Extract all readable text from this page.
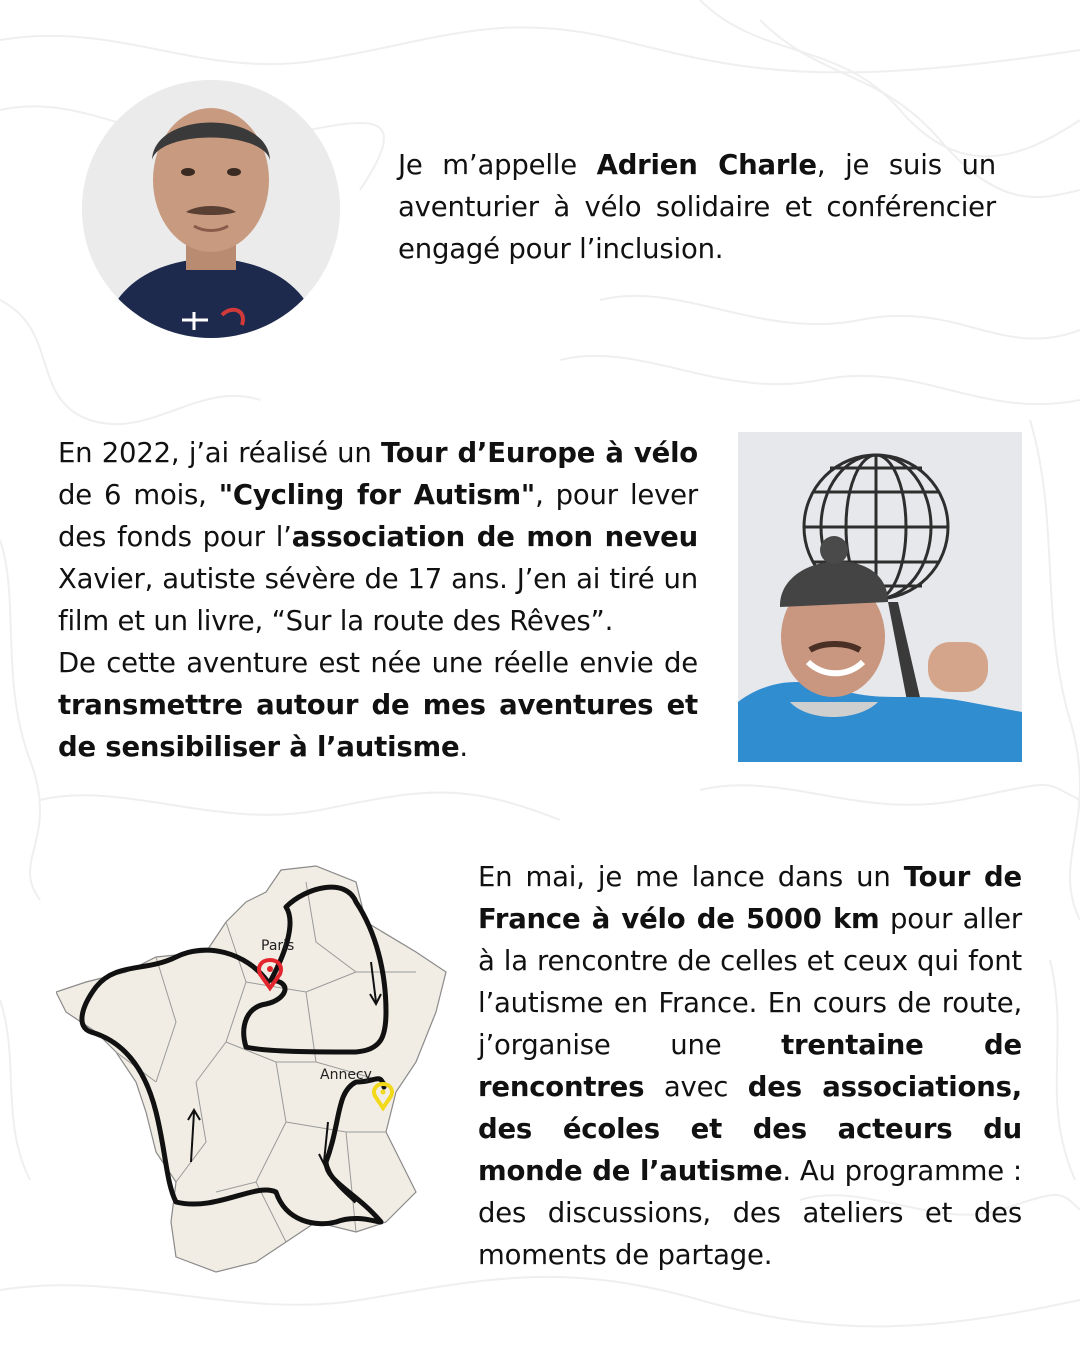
Je m’appelle Adrien Charle, je suis un aventurier à vélo solidaire et conférencier engagé pour l’inclusion.

En 2022, j’ai réalisé un Tour d’Europe à vélo de 6 mois, "Cycling for Autism", pour lever des fonds pour l’association de mon neveu Xavier, autiste sévère de 17 ans. J’en ai tiré un film et un livre, “Sur la route des Rêves”.
De cette aventure est née une réelle envie de transmettre autour de mes aventures et de sensibiliser à l’autisme.

Paris
Annecy

En mai, je me lance dans un Tour de France à vélo de 5000 km pour aller à la rencontre de celles et ceux qui font l’autisme en France. En cours de route, j’organise une trentaine de rencontres avec des associations, des écoles et des acteurs du monde de l’autisme. Au programme : des discussions, des ateliers et des moments de partage.
